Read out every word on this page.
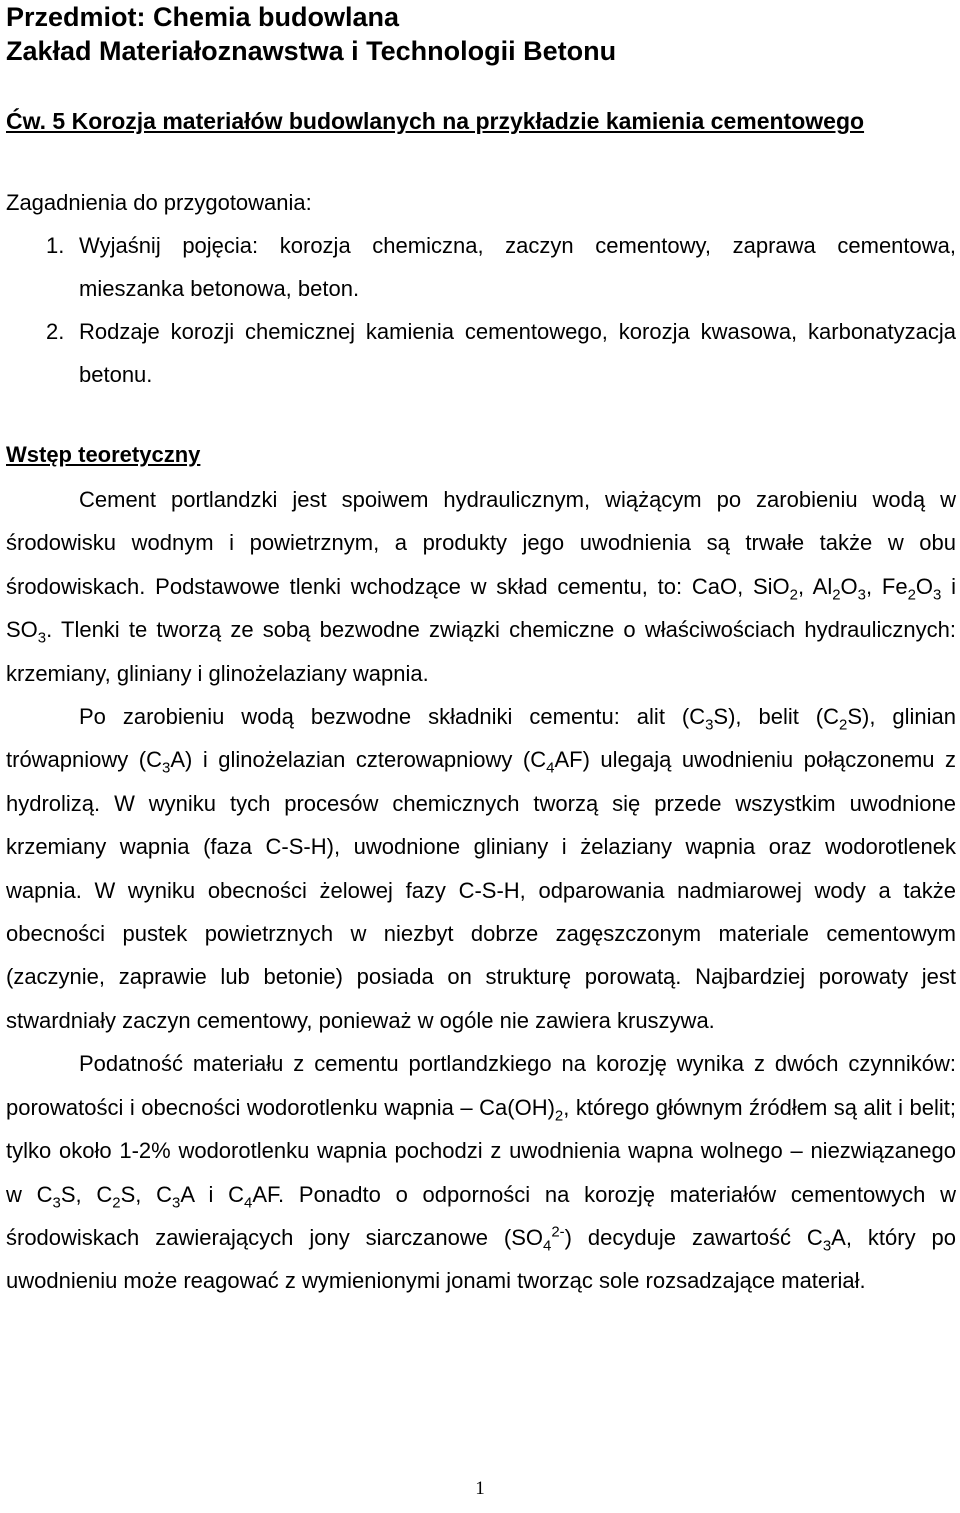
Przedmiot: Chemia budowlana
Zakład Materiałoznawstwa i Technologii Betonu
Ćw. 5 Korozja materiałów budowlanych na przykładzie kamienia cementowego
Zagadnienia do przygotowania:
1. Wyjaśnij pojęcia: korozja chemiczna, zaczyn cementowy, zaprawa cementowa, mieszanka betonowa, beton.
2. Rodzaje korozji chemicznej kamienia cementowego, korozja kwasowa, karbonatyzacja betonu.
Wstęp teoretyczny

Cement portlandzki jest spoiwem hydraulicznym, wiążącym po zarobieniu wodą w środowisku wodnym i powietrznym, a produkty jego uwodnienia są trwałe także w obu środowiskach. Podstawowe tlenki wchodzące w skład cementu, to: CaO, SiO$_2$, $Al_2O_3$, $Fe_2O_3$ i $SO_3$. Tlenki te tworzą ze sobą bezwodne związki chemiczne o właściwościach hydraulicznych: krzemiany, gliniany i glinożelaziany wapnia.

Po zarobieniu wodą bezwodne składniki cementu: alit $(C_3S)$, belit $(C_2S)$, glinian trówapniowy $(C_3A)$ i glinożelazian czterowapniowy $(C_4AF)$ ulegają uwodnieniu połączonemu z hydrolizą. W wyniku tych procesów chemicznych tworzą się przede wszystkim uwodnione krzemiany wapnia (faza C-S-H), uwodnione gliniany i żelaziany wapnia oraz wodorotlenek wapnia. W wyniku obecności żelowej fazy C-S-H, odparowania nadmiarowej wody a także obecności pustek powietrznych w niezbyt dobrze zagęszczonym materiale cementowym (zaczynie, zaprawie lub betonie) posiada on strukturę porowatą. Najbardziej porowaty jest stwardniały zaczyn cementowy, ponieważ w ogóle nie zawiera kruszywa.

Podatność materiału z cementu portlandzkiego na korozję wynika z dwóch czynników: porowatości i obecności wodorotlenku wapnia – $Ca(OH)_2$, którego głównym źródłem są alit i belit; tylko około 1-2% wodorotlenku wapnia pochodzi z uwodnienia wapna wolnego – niezwiązanego w $C_3S$, $C_2S$, $C_3A$ i $C_4AF$. Ponadto o odporności na korozję materiałów cementowych w środowiskach zawierających jony siarczanowe $(SO_4^{2-})$ decyduje zawartość $C_3A$, który po uwodnieniu może reagować z wymienionymi jonami tworząc sole rozsadzające materiał.

1
